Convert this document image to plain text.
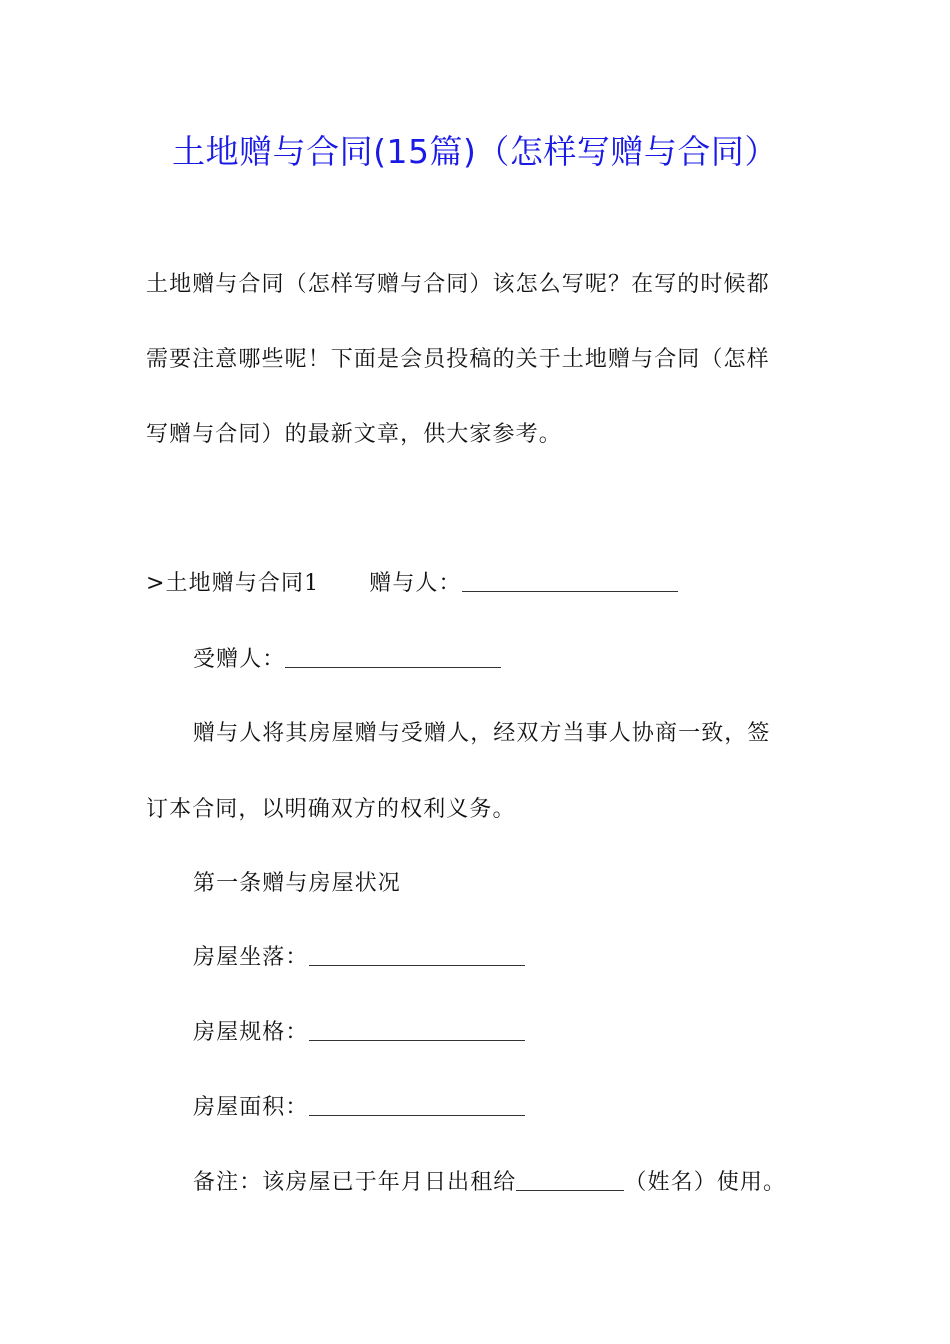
土地赠与合同(15篇)（怎样写赠与合同）
土地赠与合同（怎样写赠与合同）该怎么写呢？在写的时候都
需要注意哪些呢！下面是会员投稿的关于土地赠与合同（怎样
写赠与合同）的最新文章，供大家参考。
>土地赠与合同1 赠与人：
受赠人：
赠与人将其房屋赠与受赠人，经双方当事人协商一致，签
订本合同，以明确双方的权利义务。
第一条赠与房屋状况
房屋坐落：
房屋规格：
房屋面积：
备注：该房屋已于年月日出租给	（姓名）使用。
